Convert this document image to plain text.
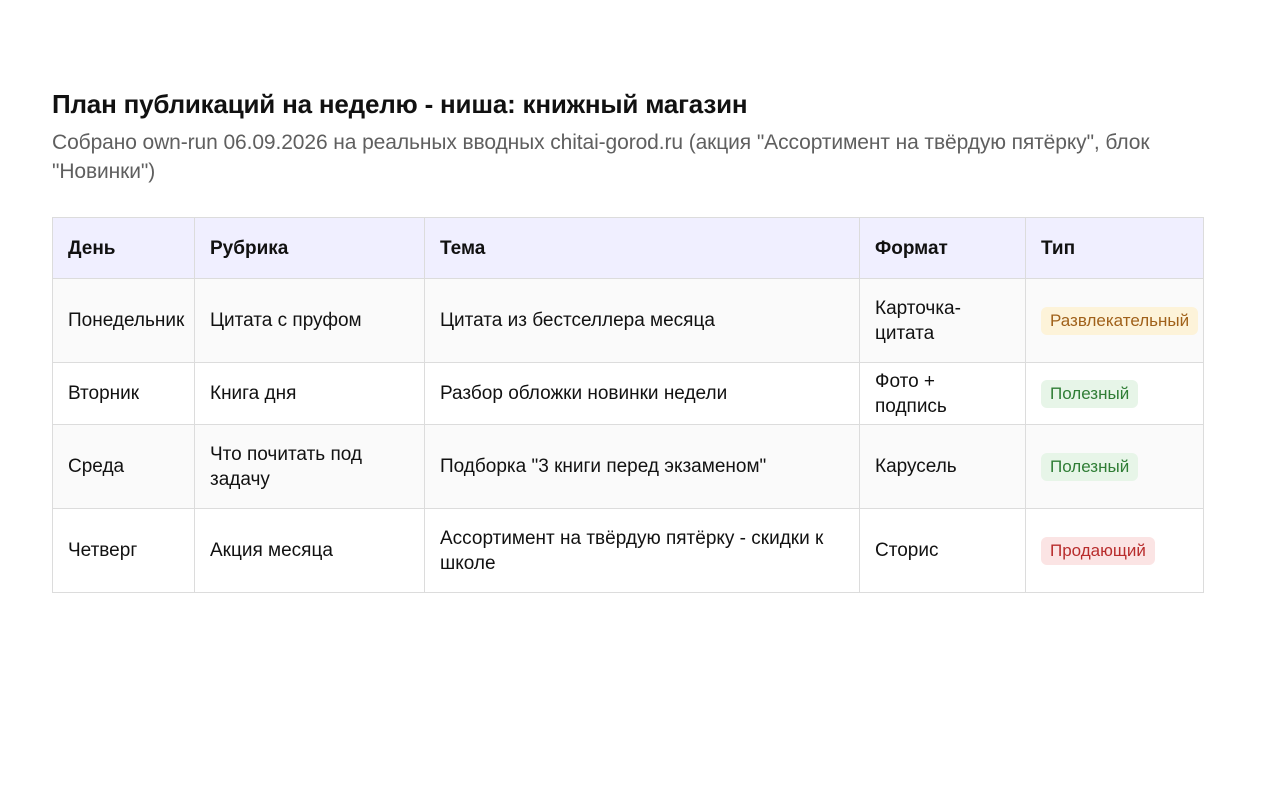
План публикаций на неделю - ниша: книжный магазин
Собрано own-run 06.09.2026 на реальных вводных chitai-gorod.ru (акция "Ассортимент на твёрдую пятёрку", блок "Новинки")
День	Рубрика	Тема	Формат	Тип
Понедельник	Цитата с пруфом	Цитата из бестселлера месяца	Карточка-цитата	Развлекательный
Вторник	Книга дня	Разбор обложки новинки недели	Фото + подпись	Полезный
Среда	Что почитать под задачу	Подборка "3 книги перед экзаменом"	Карусель	Полезный
Четверг	Акция месяца	Ассортимент на твёрдую пятёрку - скидки к школе	Сторис	Продающий
